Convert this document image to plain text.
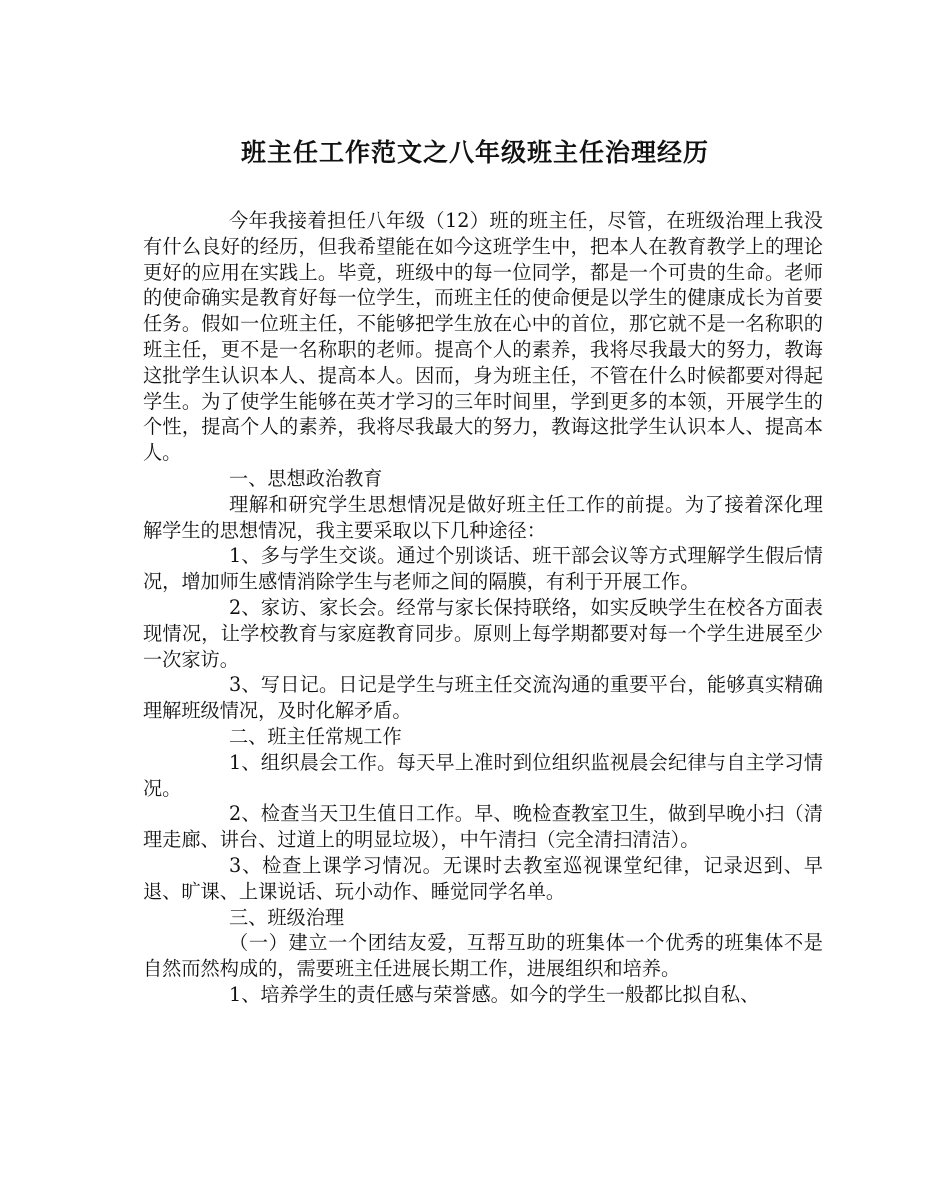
班主任工作范文之八年级班主任治理经历

今年我接着担任八年级（12）班的班主任，尽管，在班级治理上我没有什么良好的经历，但我希望能在如今这班学生中，把本人在教育教学上的理论更好的应用在实践上。毕竟，班级中的每一位同学，都是一个可贵的生命。老师的使命确实是教育好每一位学生，而班主任的使命便是以学生的健康成长为首要任务。假如一位班主任，不能够把学生放在心中的首位，那它就不是一名称职的班主任，更不是一名称职的老师。提高个人的素养，我将尽我最大的努力，教诲这批学生认识本人、提高本人。因而，身为班主任，不管在什么时候都要对得起学生。为了使学生能够在英才学习的三年时间里，学到更多的本领，开展学生的个性，提高个人的素养，我将尽我最大的努力，教诲这批学生认识本人、提高本人。

一、思想政治教育

理解和研究学生思想情况是做好班主任工作的前提。为了接着深化理解学生的思想情况，我主要采取以下几种途径：

1、多与学生交谈。通过个别谈话、班干部会议等方式理解学生假后情况，增加师生感情消除学生与老师之间的隔膜，有利于开展工作。

2、家访、家长会。经常与家长保持联络，如实反映学生在校各方面表现情况，让学校教育与家庭教育同步。原则上每学期都要对每一个学生进展至少一次家访。

3、写日记。日记是学生与班主任交流沟通的重要平台，能够真实精确理解班级情况，及时化解矛盾。

二、班主任常规工作

1、组织晨会工作。每天早上准时到位组织监视晨会纪律与自主学习情况。

2、检查当天卫生值日工作。早、晚检查教室卫生，做到早晚小扫（清理走廊、讲台、过道上的明显垃圾），中午清扫（完全清扫清洁）。

3、检查上课学习情况。无课时去教室巡视课堂纪律，记录迟到、早退、旷课、上课说话、玩小动作、睡觉同学名单。

三、班级治理

（一）建立一个团结友爱，互帮互助的班集体一个优秀的班集体不是自然而然构成的，需要班主任进展长期工作，进展组织和培养。

1、培养学生的责任感与荣誉感。如今的学生一般都比拟自私、
